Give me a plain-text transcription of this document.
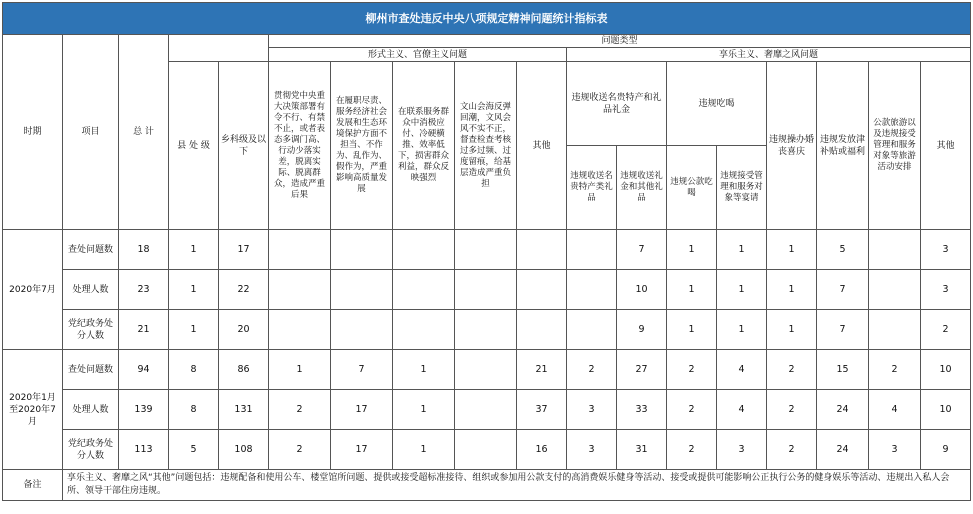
柳州市查处违反中央八项规定精神问题统计指标表																	
时期	项目	总 计			问题类型												
					形式主义、官僚主义问题					享乐主义、奢靡之风问题							
			县 处 级	乡科级及以下	贯彻党中央重大决策部署有令不行、有禁不止，或者表态多调门高、行动少落实差，脱离实际、脱离群众，造成严重后果	在履职尽责、服务经济社会发展和生态环境保护方面不担当、不作为、乱作为、假作为，严重影响高质量发展	在联系服务群众中消极应付、冷硬横推、效率低下，损害群众利益，群众反映强烈	文山会海反弹回潮，文风会风不实不正，督查检查考核过多过频、过度留痕，给基层造成严重负担	其他	违规收送名贵特产和礼品礼金		违规吃喝		违规操办婚丧喜庆	违规发放津补贴或福利	公款旅游以及违规接受管理和服务对象等旅游活动安排	其他
										违规收送名贵特产类礼品	违规收送礼金和其他礼品	违规公款吃喝	违规接受管理和服务对象等宴请				

2020年7月	查处问题数	18	1	17							7	1	1	1	5		3
	处理人数	23	1	22							10	1	1	1	7		3
	党纪政务处分人数	21	1	20							9	1	1	1	7		2
2020年1月至2020年7月	查处问题数	94	8	86	1	7	1		21	2	27	2	4	2	15	2	10
	处理人数	139	8	131	2	17	1		37	3	33	2	4	2	24	4	10
	党纪政务处分人数	113	5	108	2	17	1		16	3	31	2	3	2	24	3	9
备注	享乐主义、奢靡之风“其他”问题包括：违规配备和使用公车、楼堂馆所问题、提供或接受超标准接待、组织或参加用公款支付的高消费娱乐健身等活动、接受或提供可能影响公正执行公务的健身娱乐等活动、违规出入私人会所、领导干部住房违规。																
